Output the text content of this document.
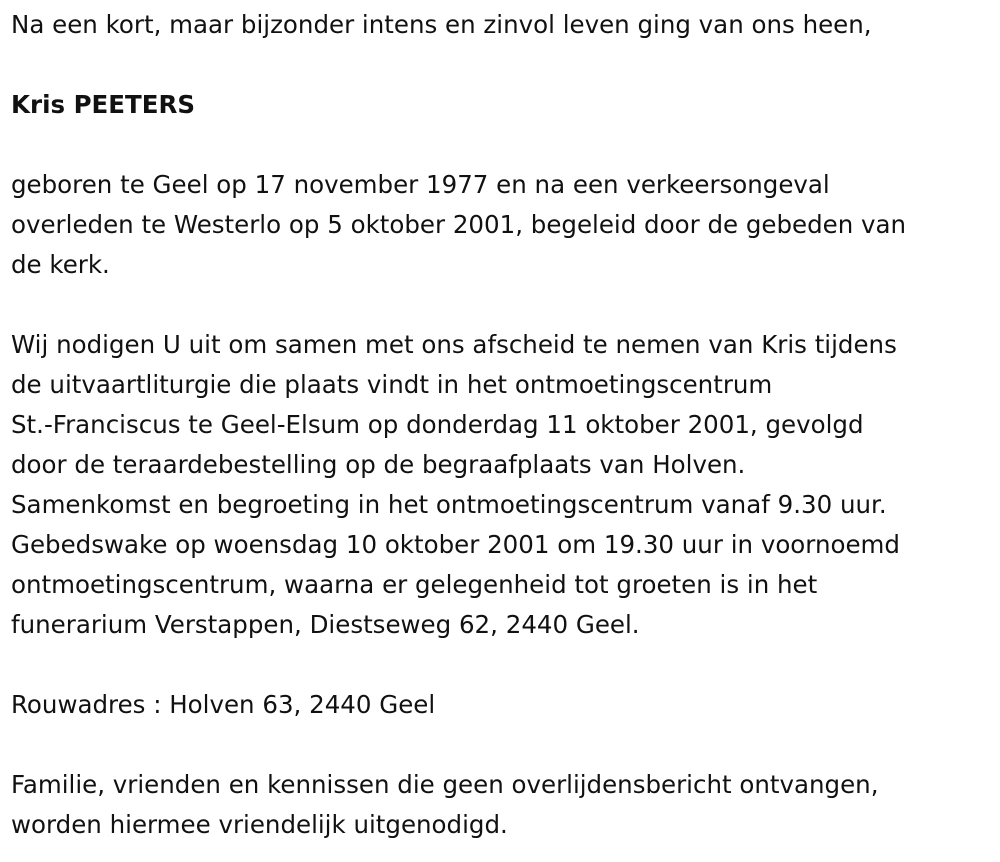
Na een kort, maar bijzonder intens en zinvol leven ging van ons heen,
Kris PEETERS
geboren te Geel op 17 november 1977 en na een verkeersongeval
overleden te Westerlo op 5 oktober 2001, begeleid door de gebeden van
de kerk.
Wij nodigen U uit om samen met ons afscheid te nemen van Kris tijdens
de uitvaartliturgie die plaats vindt in het ontmoetingscentrum
St.-Franciscus te Geel-Elsum op donderdag 11 oktober 2001, gevolgd
door de teraardebestelling op de begraafplaats van Holven.
Samenkomst en begroeting in het ontmoetingscentrum vanaf 9.30 uur.
Gebedswake op woensdag 10 oktober 2001 om 19.30 uur in voornoemd
ontmoetingscentrum, waarna er gelegenheid tot groeten is in het
funerarium Verstappen, Diestseweg 62, 2440 Geel.
Rouwadres : Holven 63, 2440 Geel
Familie, vrienden en kennissen die geen overlijdensbericht ontvangen,
worden hiermee vriendelijk uitgenodigd.
